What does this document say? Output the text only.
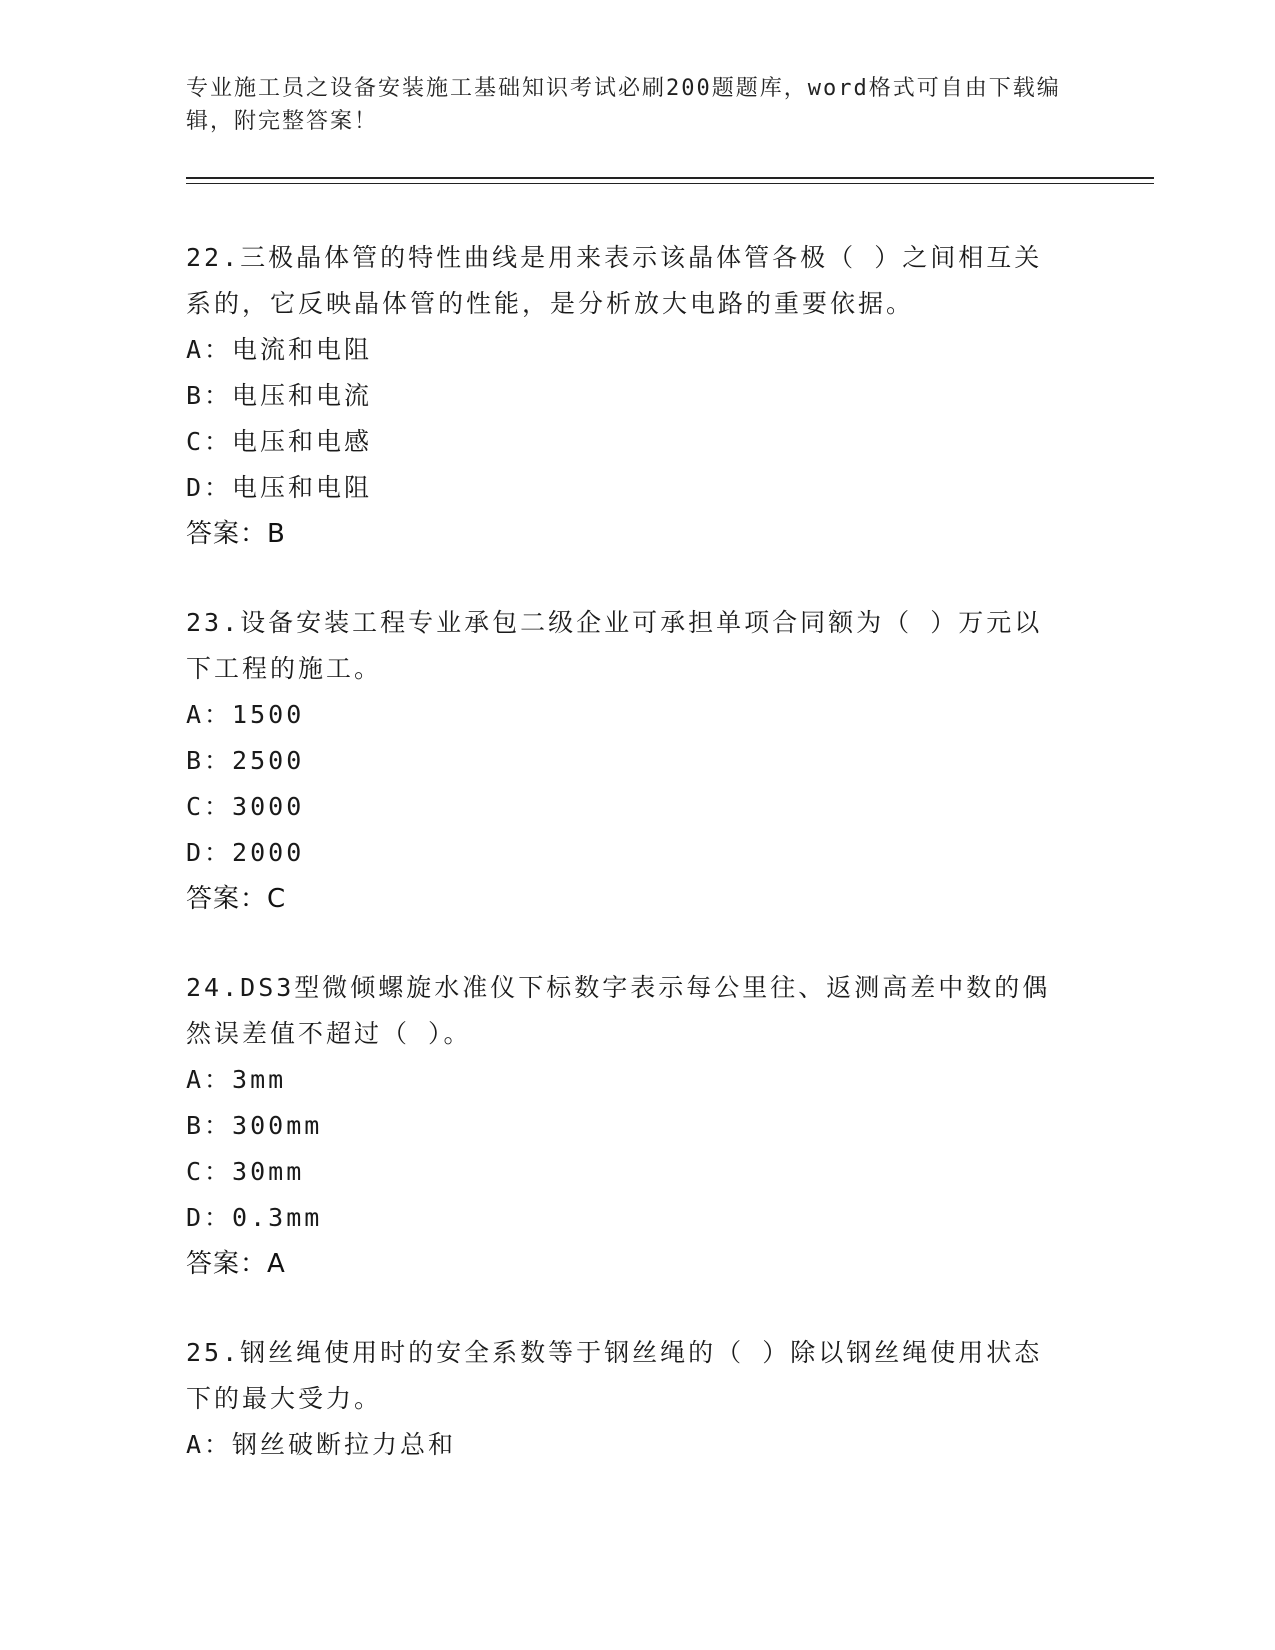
专业施工员之设备安装施工基础知识考试必刷200题题库，word格式可自由下载编辑，附完整答案！

22.三极晶体管的特性曲线是用来表示该晶体管各极（ ）之间相互关系的，它反映晶体管的性能，是分析放大电路的重要依据。

A：电流和电阻

B：电压和电流

C：电压和电感

D：电压和电阻

答案：B

23.设备安装工程专业承包二级企业可承担单项合同额为（ ）万元以下工程的施工。

A：1500

B：2500

C：3000

D：2000

答案：C

24.DS3型微倾螺旋水准仪下标数字表示每公里往、返测高差中数的偶然误差值不超过（ ）。

A：3mm

B：300mm

C：30mm

D：0.3mm

答案：A

25.钢丝绳使用时的安全系数等于钢丝绳的（ ）除以钢丝绳使用状态下的最大受力。

A：钢丝破断拉力总和
